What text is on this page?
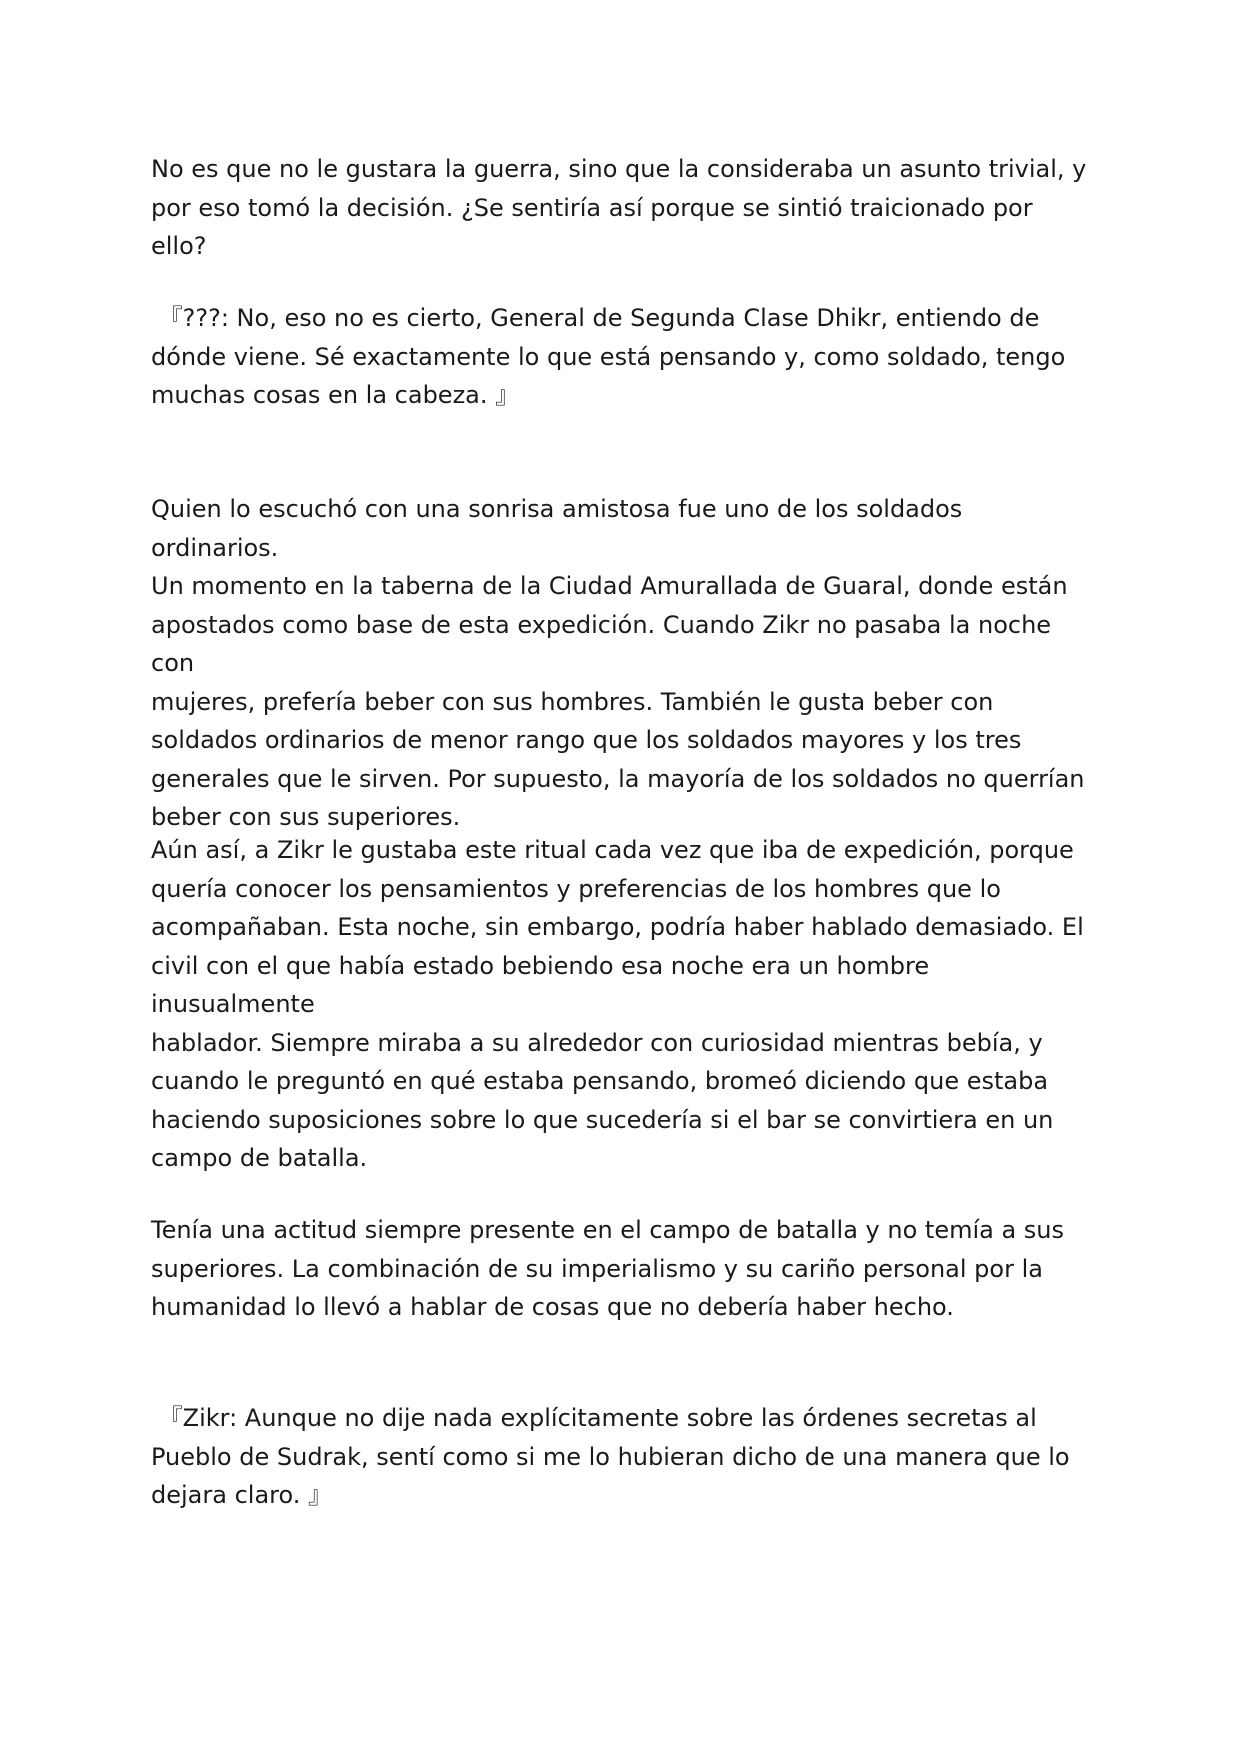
No es que no le gustara la guerra, sino que la consideraba un asunto trivial, y
por eso tomó la decisión. ¿Se sentiría así porque se sintió traicionado por ello?

『???: No, eso no es cierto, General de Segunda Clase Dhikr, entiendo de
dónde viene. Sé exactamente lo que está pensando y, como soldado, tengo
muchas cosas en la cabeza. 』

Quien lo escuchó con una sonrisa amistosa fue uno de los soldados ordinarios.
Un momento en la taberna de la Ciudad Amurallada de Guaral, donde están
apostados como base de esta expedición. Cuando Zikr no pasaba la noche con
mujeres, prefería beber con sus hombres. También le gusta beber con
soldados ordinarios de menor rango que los soldados mayores y los tres
generales que le sirven. Por supuesto, la mayoría de los soldados no querrían
beber con sus superiores.

Aún así, a Zikr le gustaba este ritual cada vez que iba de expedición, porque
quería conocer los pensamientos y preferencias de los hombres que lo
acompañaban. Esta noche, sin embargo, podría haber hablado demasiado. El
civil con el que había estado bebiendo esa noche era un hombre inusualmente
hablador. Siempre miraba a su alrededor con curiosidad mientras bebía, y
cuando le preguntó en qué estaba pensando, bromeó diciendo que estaba
haciendo suposiciones sobre lo que sucedería si el bar se convirtiera en un
campo de batalla.

Tenía una actitud siempre presente en el campo de batalla y no temía a sus
superiores. La combinación de su imperialismo y su cariño personal por la
humanidad lo llevó a hablar de cosas que no debería haber hecho.

『Zikr: Aunque no dije nada explícitamente sobre las órdenes secretas al
Pueblo de Sudrak, sentí como si me lo hubieran dicho de una manera que lo
dejara claro. 』
